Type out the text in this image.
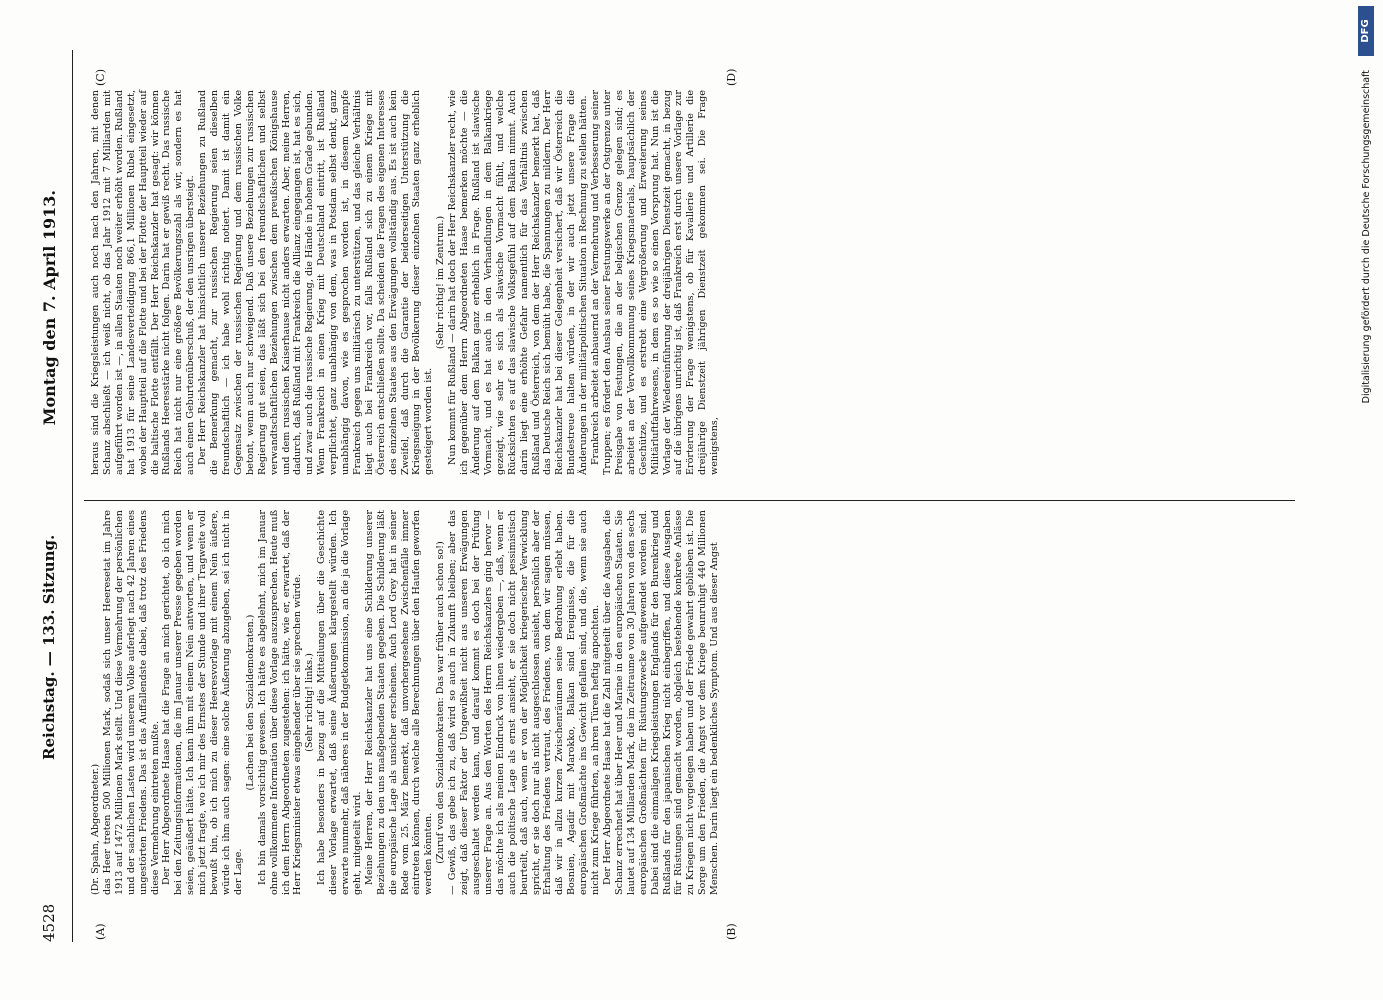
4528
Reichstag. — 133. Sitzung.
Montag den 7. April 1913.
(A)	(B)
(C)	(D)

(Dr. Spahn, Abgeordneter.) das Heer treten 500 Millionen Mark, sodaß sich unser Heeresetat im Jahre 1913 auf 1472 Millionen Mark stellt. Und diese Vermehrung der persönlichen und der sachlichen Lasten wird unserem Volke auferlegt nach 42 Jahren eines ungestörten Friedens. Das ist das Auffallendste dabei, daß trotz des Friedens diese Vermehrung eintreten mußte. Der Herr Abgeordnete Haase hat die Frage an mich gerichtet, ob ich mich bei den Zeitungsinformationen, die im Januar unserer Presse gegeben worden seien, geäußert hätte. Ich kann ihm mit einem Nein antworten, und wenn er mich jetzt fragte, wo ich mir des Ernstes der Stunde und ihrer Tragweite voll bewußt bin, ob ich mich zu dieser Heeresvorlage mit einem Nein äußere, würde ich ihm auch sagen: eine solche Äußerung abzugeben, sei ich nicht in der Lage.

(Lachen bei den Sozialdemokraten.) Ich bin damals vorsichtig gewesen. Ich hätte es abgelehnt, mich im Januar ohne vollkommene Information über diese Vorlage auszusprechen. Heute muß ich dem Herrn Abgeordneten zugestehen: ich hätte, wie er, erwartet, daß der Herr Kriegsminister etwas eingehender über sie sprechen würde. (Sehr richtig! links.) Ich habe besonders in bezug auf die Mitteilungen über die Geschichte dieser Vorlage erwartet, daß seine Äußerungen klargestellt würden. Ich erwarte nunmehr, daß näheres in der Budgetkommission, an die ja die Vorlage geht, mitgeteilt wird. Meine Herren, der Herr Reichskanzler hat uns eine Schilderung unserer Beziehungen zu den uns maßgebenden Staaten gegeben. Die Schilderung läßt die europäische Lage als unsicher erscheinen. Auch Lord Grey hat in seiner Rede vom 25. März bemerkt, daß unvorhergesehene Zwischenfälle immer eintreten können, durch welche alle Berechnungen über den Haufen geworfen werden könnten. (Zuruf von den Sozialdemokraten: Das war früher auch schon so!) — Gewiß, das gebe ich zu, daß wird so auch in Zukunft bleiben; aber das zeigt, daß dieser Faktor der Ungewißheit nicht aus unseren Erwägungen ausgeschaltet werden kann, und darauf kommt es doch bei der Prüfung unserer Frage an. Aus den Worten des Herrn Reichskanzlers ging hervor — das möchte ich als meinen Eindruck von ihnen wiedergeben —, daß, wenn er auch die politische Lage als ernst ansieht, er sie doch nicht pessimistisch beurteilt, daß auch, wenn er von der Möglichkeit kriegerischer Verwicklung spricht, er sie doch nur als nicht ausgeschlossen ansieht, persönlich aber der Erhaltung des Friedens vertraut, des Friedens, von dem wir sagen müssen, daß wir in allzu kurzen Zwischenräumen seine Bedrohung erlebt haben. Bosnien, Agadir mit Marokko, Balkan sind Ereignisse, die für die europäischen Großmächte ins Gewicht gefallen sind, und die, wenn sie auch nicht zum Kriege führten, an ihren Türen heftig anpochten. Der Herr Abgeordnete Haase hat die Zahl mitgeteilt über die Ausgaben, die Schanz errechnet hat über Heer und Marine in den europäischen Staaten. Sie lautet auf 134 Milliarden Mark, die im Zeitraume von 30 Jahren von den sechs europäischen Großmächten für Rüstungszwecke aufgewendet worden sind. Dabei sind die einmaligen Kriegsleistungen Englands für den Burenkrieg und Rußlands für den japanischen Krieg nicht einbegriffen, und diese Ausgaben für Rüstungen sind gemacht worden, obgleich bestehende konkrete Anlässe zu Kriegen nicht vorgelegen haben und der Friede gewahrt geblieben ist. Die Sorge um den Frieden, die Angst vor dem Kriege beunruhigt 440 Millionen Menschen. Darin liegt ein bedenkliches Symptom. Und aus dieser Angst

heraus sind die Kriegsleistungen auch noch nach den Jahren, mit denen Schanz abschließt — ich weiß nicht, ob das Jahr 1912 mit 7 Milliarden mit aufgeführt worden ist —, in allen Staaten noch weiter erhöht worden. Rußland hat 1913 für seine Landesverteidigung 866,1 Millionen Rubel eingesetzt, wobei der Hauptteil auf die Flotte und bei der Flotte der Hauptteil wieder auf die baltische Flotte entfällt. Der Herr Reichskanzler hat gesagt: wir können Rußlands Heeresstärke nicht folgen. Darin hat er gewiß recht. Das russische Reich hat nicht nur eine größere Bevölkerungszahl als wir, sondern es hat auch einen Geburtenüberschuß, der den unsrigen übersteigt. Der Herr Reichskanzler hat hinsichtlich unserer Beziehungen zu Rußland die Bemerkung gemacht, zur russischen Regierung seien dieselben freundschaftlich — ich habe wohl richtig notiert. Damit ist damit ein Gegensatz zwischen der russischen Regierung und dem russischen Volke betont, wenn auch nur schweigend. Daß unsere Beziehungen zur russischen Regierung gut seien, das läßt sich bei den freundschaftlichen und selbst verwandtschaftlichen Beziehungen zwischen dem preußischen Königshause und dem russischen Kaiserhause nicht anders erwarten. Aber, meine Herren, dadurch, daß Rußland mit Frankreich die Allianz eingegangen ist, hat es sich, und zwar auch die russische Regierung, die Hände in hohem Grade gebunden. Wenn Frankreich in einen Krieg mit Deutschland eintritt, ist Rußland verpflichtet, ganz unabhängig von dem, was in Potsdam selbst denkt, ganz unabhängig davon, wie es gesprochen worden ist, in diesem Kampfe Frankreich gegen uns militärisch zu unterstützen, und das gleiche Verhältnis liegt auch bei Frankreich vor, falls Rußland sich zu einem Kriege mit Österreich entschließen sollte. Da scheiden die Fragen des eigenen Interesses des einzelnen Staates aus den Erwägungen vollständig aus. Es ist auch kein Zweifel, daß durch die Garantie der beiderseitigen Unterstützung die Kriegsneigung in der Bevölkerung dieser einzelnen Staaten ganz erheblich gesteigert worden ist.

(Sehr richtig! im Zentrum.) Nun kommt für Rußland — darin hat doch der Herr Reichskanzler recht, wie ich gegenüber dem Herrn Abgeordneten Haase bemerken möchte — die Änderung auf dem Balkan ganz erheblich in Frage. Rußland ist slawische Vormacht, und es hat auch in den Verhandlungen in dem Balkankriege gezeigt, wie sehr es sich als slawische Vormacht fühlt, und welche Rücksichten es auf das slawische Volksgefühl auf dem Balkan nimmt. Auch darin liegt eine erhöhte Gefahr namentlich für das Verhältnis zwischen Rußland und Österreich, von dem der Herr Reichskanzler bemerkt hat, daß das Deutsche Reich sich bemüht habe, die Spannungen zu mildern. Der Herr Reichskanzler hat bei dieser Gelegenheit versichert, daß wir Österreich die Bundestreue halten würden, in der wir auch jetzt unsere Frage die Änderungen in der militärpolitischen Situation in Rechnung zu stellen hätten. Frankreich arbeitet anbauernd an der Vermehrung und Verbesserung seiner Truppen; es fördert den Ausbau seiner Festungswerke an der Ostgrenze unter Preisgabe von Festungen, die an der belgischen Grenze gelegen sind; es arbeitet an der Vervollkommnung seines Kriegsmaterials, hauptsächlich der Geschütze, und es erstrebt eine Vergrößerung und Erweiterung seines Militärluftfahrwesens, in dem es so wie so einen Vorsprung hat. Nun ist die Vorlage der Wiedereinführung der dreijährigen Dienstzeit gemacht, in bezug auf die übrigens unrichtig ist, daß Frankreich erst durch unsere Vorlage zur Erörterung der Frage wenigstens, ob für Kavallerie und Artillerie die dreijährige Dienstzeit jährigen Dienstzeit gekommen sei. Die Frage wenigstens,

Digitalisierung gefördert durch die Deutsche Forschungsgemeinschaft
DFG
